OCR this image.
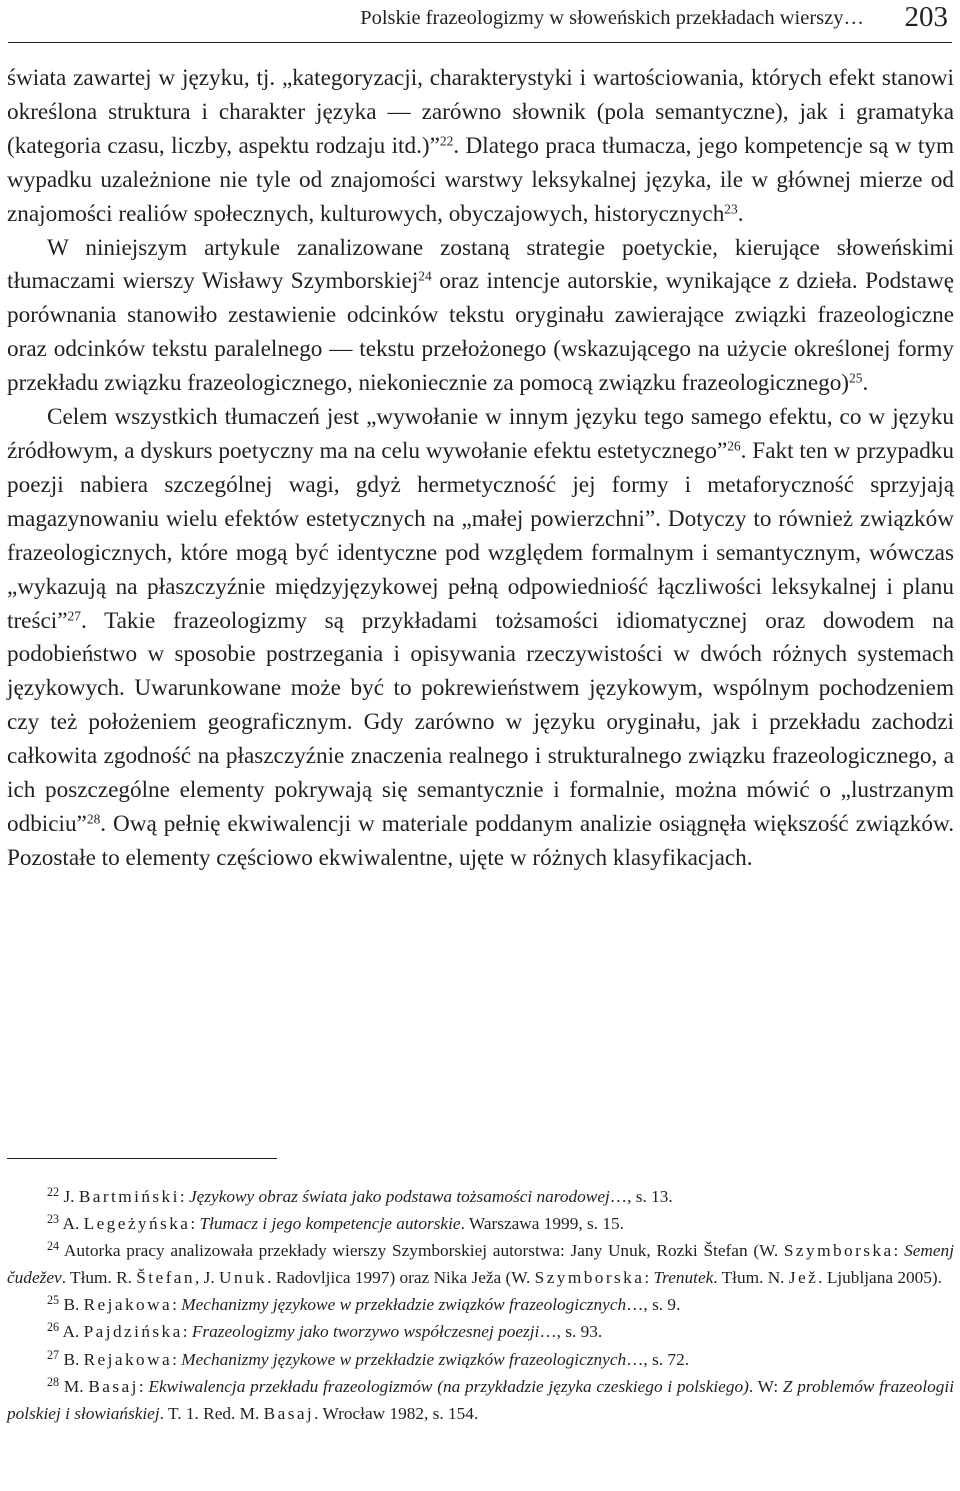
Polskie frazeologizmy w słoweńskich przekładach wierszy… 203

świata zawartej w języku, tj. „kategoryzacji, charakterystyki i wartościowania, których efekt stanowi określona struktura i charakter języka — zarówno słownik (pola semantyczne), jak i gramatyka (kategoria czasu, liczby, aspektu rodzaju itd.)”$^{22}$. Dlatego praca tłumacza, jego kompetencje są w tym wypadku uzależnione nie tyle od znajomości warstwy leksykalnej języka, ile w głównej mierze od znajomości realiów społecznych, kulturowych, obyczajowych, historycznych$^{23}$.

W niniejszym artykule zanalizowane zostaną strategie poetyckie, kierujące słoweńskimi tłumaczami wierszy Wisławy Szymborskiej$^{24}$ oraz intencje autorskie, wynikające z dzieła. Podstawę porównania stanowiło zestawienie odcinków tekstu oryginału zawierające związki frazeologiczne oraz odcinków tekstu paralelnego — tekstu przełożonego (wskazującego na użycie określonej formy przekładu związku frazeologicznego, niekoniecznie za pomocą związku frazeologicznego)$^{25}$.

Celem wszystkich tłumaczeń jest „wywołanie w innym języku tego samego efektu, co w języku źródłowym, a dyskurs poetyczny ma na celu wywołanie efektu estetycznego”$^{26}$. Fakt ten w przypadku poezji nabiera szczególnej wagi, gdyż hermetyczność jej formy i metaforyczność sprzyjają magazynowaniu wielu efektów estetycznych na „małej powierzchni”. Dotyczy to również związków frazeologicznych, które mogą być identyczne pod względem formalnym i semantycznym, wówczas „wykazują na płaszczyźnie międzyjęzykowej pełną odpowiedniość łączliwości leksykalnej i planu treści”$^{27}$. Takie frazeologizmy są przykładami tożsamości idiomatycznej oraz dowodem na podobieństwo w sposobie postrzegania i opisywania rzeczywistości w dwóch różnych systemach językowych. Uwarunkowane może być to pokrewieństwem językowym, wspólnym pochodzeniem czy też położeniem geograficznym. Gdy zarówno w języku oryginału, jak i przekładu zachodzi całkowita zgodność na płaszczyźnie znaczenia realnego i strukturalnego związku frazeologicznego, a ich poszczególne elementy pokrywają się semantycznie i formalnie, można mówić o „lustrzanym odbiciu”$^{28}$. Ową pełnię ekwiwalencji w materiale poddanym analizie osiągnęła większość związków. Pozostałe to elementy częściowo ekwiwalentne, ujęte w różnych klasyfikacjach.

$^{22}$ J. Bartmiński: Językowy obraz świata jako podstawa tożsamości narodowej…, s. 13.

$^{23}$ A. Legeżyńska: Tłumacz i jego kompetencje autorskie. Warszawa 1999, s. 15.

$^{24}$ Autorka pracy analizowała przekłady wierszy Szymborskiej autorstwa: Jany Unuk, Rozki Štefan (W. Szymborska: Semenj čudežev. Tłum. R. Štefan, J. Unuk. Radovljica 1997) oraz Nika Ježa (W. Szymborska: Trenutek. Tłum. N. Jež. Ljubljana 2005).

$^{25}$ B. Rejakowa: Mechanizmy językowe w przekładzie związków frazeologicznych…, s. 9.

$^{26}$ A. Pajdzińska: Frazeologizmy jako tworzywo współczesnej poezji…, s. 93.

$^{27}$ B. Rejakowa: Mechanizmy językowe w przekładzie związków frazeologicznych…, s. 72.

$^{28}$ M. Basaj: Ekwiwalencja przekładu frazeologizmów (na przykładzie języka czeskiego i polskiego). W: Z problemów frazeologii polskiej i słowiańskiej. T. 1. Red. M. Basaj. Wrocław 1982, s. 154.
